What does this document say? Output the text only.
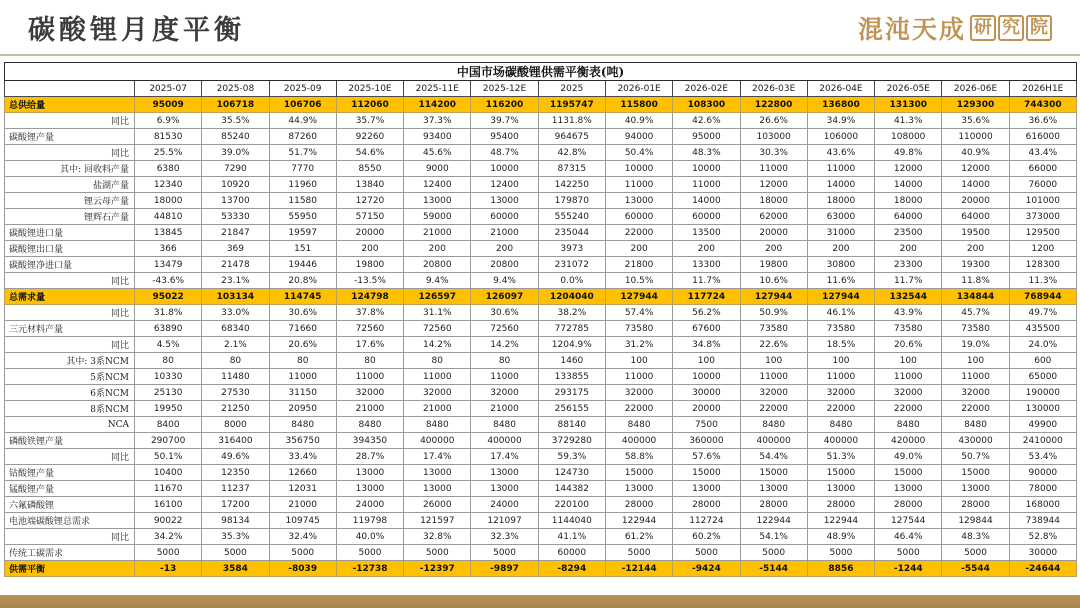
碳酸锂月度平衡	混沌天成 研 究 院
中国市场碳酸锂供需平衡表(吨)														
	2025-07	2025-08	2025-09	2025-10E	2025-11E	2025-12E	2025	2026-01E	2026-02E	2026-03E	2026-04E	2026-05E	2026-06E	2026H1E
总供给量	95009	106718	106706	112060	114200	116200	1195747	115800	108300	122800	136800	131300	129300	744300
同比	6.9%	35.5%	44.9%	35.7%	37.3%	39.7%	1131.8%	40.9%	42.6%	26.6%	34.9%	41.3%	35.6%	36.6%
碳酸锂产量	81530	85240	87260	92260	93400	95400	964675	94000	95000	103000	106000	108000	110000	616000
同比	25.5%	39.0%	51.7%	54.6%	45.6%	48.7%	42.8%	50.4%	48.3%	30.3%	43.6%	49.8%	40.9%	43.4%
其中: 回收料产量	6380	7290	7770	8550	9000	10000	87315	10000	10000	11000	11000	12000	12000	66000
盐湖产量	12340	10920	11960	13840	12400	12400	142250	11000	11000	12000	14000	14000	14000	76000
锂云母产量	18000	13700	11580	12720	13000	13000	179870	13000	14000	18000	18000	18000	20000	101000
锂辉石产量	44810	53330	55950	57150	59000	60000	555240	60000	60000	62000	63000	64000	64000	373000
碳酸锂进口量	13845	21847	19597	20000	21000	21000	235044	22000	13500	20000	31000	23500	19500	129500
碳酸锂出口量	366	369	151	200	200	200	3973	200	200	200	200	200	200	1200
碳酸锂净进口量	13479	21478	19446	19800	20800	20800	231072	21800	13300	19800	30800	23300	19300	128300
同比	-43.6%	23.1%	20.8%	-13.5%	9.4%	9.4%	0.0%	10.5%	11.7%	10.6%	11.6%	11.7%	11.8%	11.3%
总需求量	95022	103134	114745	124798	126597	126097	1204040	127944	117724	127944	127944	132544	134844	768944
同比	31.8%	33.0%	30.6%	37.8%	31.1%	30.6%	38.2%	57.4%	56.2%	50.9%	46.1%	43.9%	45.7%	49.7%
三元材料产量	63890	68340	71660	72560	72560	72560	772785	73580	67600	73580	73580	73580	73580	435500
同比	4.5%	2.1%	20.6%	17.6%	14.2%	14.2%	1204.9%	31.2%	34.8%	22.6%	18.5%	20.6%	19.0%	24.0%
其中: 3系NCM	80	80	80	80	80	80	1460	100	100	100	100	100	100	600
5系NCM	10330	11480	11000	11000	11000	11000	133855	11000	10000	11000	11000	11000	11000	65000
6系NCM	25130	27530	31150	32000	32000	32000	293175	32000	30000	32000	32000	32000	32000	190000
8系NCM	19950	21250	20950	21000	21000	21000	256155	22000	20000	22000	22000	22000	22000	130000
NCA	8400	8000	8480	8480	8480	8480	88140	8480	7500	8480	8480	8480	8480	49900
磷酸铁锂产量	290700	316400	356750	394350	400000	400000	3729280	400000	360000	400000	400000	420000	430000	2410000
同比	50.1%	49.6%	33.4%	28.7%	17.4%	17.4%	59.3%	58.8%	57.6%	54.4%	51.3%	49.0%	50.7%	53.4%
钴酸锂产量	10400	12350	12660	13000	13000	13000	124730	15000	15000	15000	15000	15000	15000	90000
锰酸锂产量	11670	11237	12031	13000	13000	13000	144382	13000	13000	13000	13000	13000	13000	78000
六氟磷酸锂	16100	17200	21000	24000	26000	24000	220100	28000	28000	28000	28000	28000	28000	168000
电池端碳酸锂总需求	90022	98134	109745	119798	121597	121097	1144040	122944	112724	122944	122944	127544	129844	738944
同比	34.2%	35.3%	32.4%	40.0%	32.8%	32.3%	41.1%	61.2%	60.2%	54.1%	48.9%	46.4%	48.3%	52.8%
传统工碳需求	5000	5000	5000	5000	5000	5000	60000	5000	5000	5000	5000	5000	5000	30000
供需平衡	-13	3584	-8039	-12738	-12397	-9897	-8294	-12144	-9424	-5144	8856	-1244	-5544	-24644
